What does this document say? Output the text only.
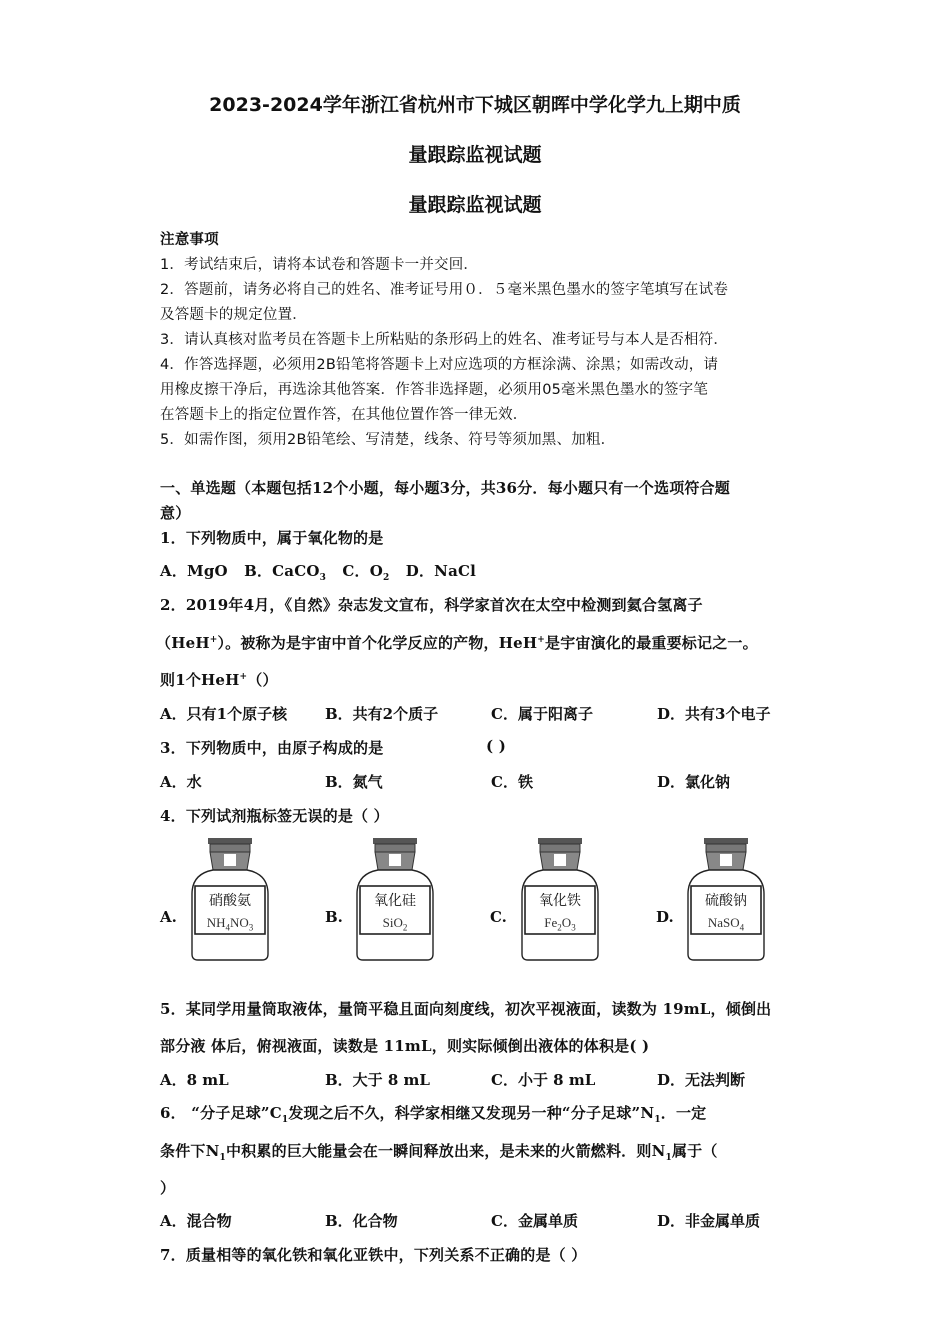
2023-2024学年浙江省杭州市下城区朝晖中学化学九上期中质
量跟踪监视试题
量跟踪监视试题
注意事项
1．考试结束后，请将本试卷和答题卡一并交回．
2．答题前，请务必将自己的姓名、准考证号用０．５毫米黑色墨水的签字笔填写在试卷
及答题卡的规定位置．
3．请认真核对监考员在答题卡上所粘贴的条形码上的姓名、准考证号与本人是否相符．
4．作答选择题，必须用2B铅笔将答题卡上对应选项的方框涂满、涂黑；如需改动，请
用橡皮擦干净后，再选涂其他答案．作答非选择题，必须用05毫米黑色墨水的签字笔
在答题卡上的指定位置作答，在其他位置作答一律无效．
5．如需作图，须用2B铅笔绘、写清楚，线条、符号等须加黑、加粗．
一、单选题（本题包括12个小题，每小题3分，共36分．每小题只有一个选项符合题
意）
1．下列物质中，属于氧化物的是
A．MgO B．CaCO$_3$ C．$O_2$ D．NaCl
2．2019年4月，《自然》杂志发文宣布，科学家首次在太空中检测到氦合氢离子
（HeH+）。被称为是宇宙中首个化学反应的产物，HeH+是宇宙演化的最重要标记之一。
则1个HeH+（）
A．只有1个原子核	B．共有2个质子	C．属于阳离子	D．共有3个电子
3．下列物质中，由原子构成的是	( )
A．水	B．氮气	C．铁	D．氯化钠
4．下列试剂瓶标签无误的是（ ）
A.
硝酸氨
$NH_4NO_3$
B.
氧化硅
SiO$_2$
C.
氧化铁
$Fe_2O_3$
D.
硫酸钠
NaSO$_4$
5．某同学用量筒取液体，量筒平稳且面向刻度线，初次平视液面，读数为 19mL，倾倒出
部分液 体后，俯视液面，读数是 11mL，则实际倾倒出液体的体积是( )
A．8 mL	B．大于 8 mL	C．小于 8 mL	D．无法判断
6． “分子足球$”C_1$发现之后不久，科学家相继又发现另一种“分子足球$”N_1$．一定
条件下$N_1$中积累的巨大能量会在一瞬间释放出来，是未来的火箭燃料．则$N_1$属于（
）
A．混合物	B．化合物	C．金属单质	D．非金属单质
7．质量相等的氧化铁和氧化亚铁中，下列关系不正确的是（ ）
